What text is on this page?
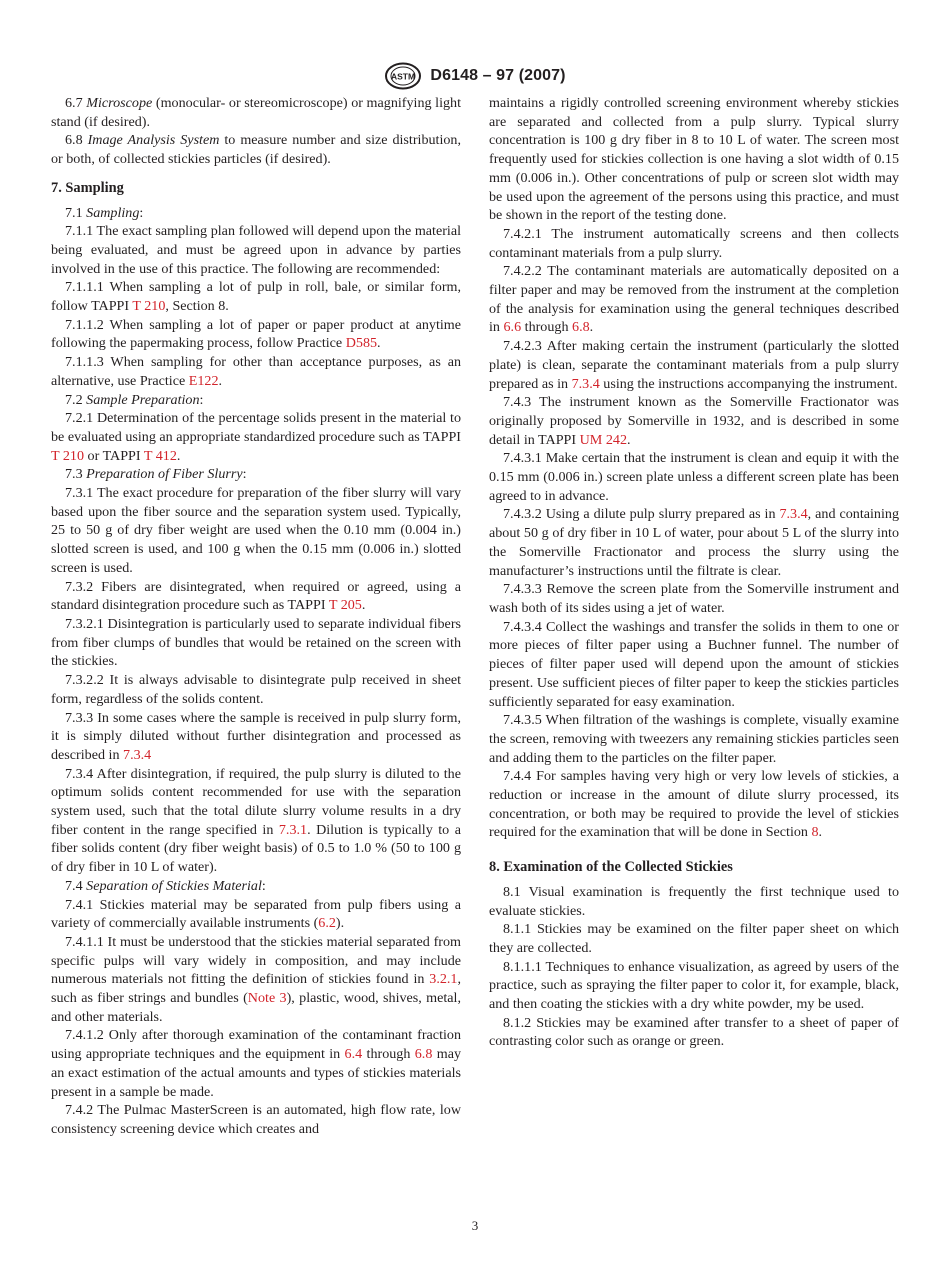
ASTM D6148 – 97 (2007)

6.7 Microscope (monocular- or stereomicroscope) or magnifying light stand (if desired).

6.8 Image Analysis System to measure number and size distribution, or both, of collected stickies particles (if desired).

7. Sampling

7.1 Sampling:

7.1.1 The exact sampling plan followed will depend upon the material being evaluated, and must be agreed upon in advance by parties involved in the use of this practice. The following are recommended:

7.1.1.1 When sampling a lot of pulp in roll, bale, or similar form, follow TAPPI T 210, Section 8.

7.1.1.2 When sampling a lot of paper or paper product at anytime following the papermaking process, follow Practice D585.

7.1.1.3 When sampling for other than acceptance purposes, as an alternative, use Practice E122.

7.2 Sample Preparation:

7.2.1 Determination of the percentage solids present in the material to be evaluated using an appropriate standardized procedure such as TAPPI T 210 or TAPPI T 412.

7.3 Preparation of Fiber Slurry:

7.3.1 The exact procedure for preparation of the fiber slurry will vary based upon the fiber source and the separation system used. Typically, 25 to 50 g of dry fiber weight are used when the 0.10 mm (0.004 in.) slotted screen is used, and 100 g when the 0.15 mm (0.006 in.) slotted screen is used.

7.3.2 Fibers are disintegrated, when required or agreed, using a standard disintegration procedure such as TAPPI T 205.

7.3.2.1 Disintegration is particularly used to separate individual fibers from fiber clumps of bundles that would be retained on the screen with the stickies.

7.3.2.2 It is always advisable to disintegrate pulp received in sheet form, regardless of the solids content.

7.3.3 In some cases where the sample is received in pulp slurry form, it is simply diluted without further disintegration and processed as described in 7.3.4

7.3.4 After disintegration, if required, the pulp slurry is diluted to the optimum solids content recommended for use with the separation system used, such that the total dilute slurry volume results in a dry fiber content in the range specified in 7.3.1. Dilution is typically to a fiber solids content (dry fiber weight basis) of 0.5 to 1.0 % (50 to 100 g of dry fiber in 10 L of water).

7.4 Separation of Stickies Material:

7.4.1 Stickies material may be separated from pulp fibers using a variety of commercially available instruments (6.2).

7.4.1.1 It must be understood that the stickies material separated from specific pulps will vary widely in composition, and may include numerous materials not fitting the definition of stickies found in 3.2.1, such as fiber strings and bundles (Note 3), plastic, wood, shives, metal, and other materials.

7.4.1.2 Only after thorough examination of the contaminant fraction using appropriate techniques and the equipment in 6.4 through 6.8 may an exact estimation of the actual amounts and types of stickies materials present in a sample be made.

7.4.2 The Pulmac MasterScreen is an automated, high flow rate, low consistency screening device which creates and

maintains a rigidly controlled screening environment whereby stickies are separated and collected from a pulp slurry. Typical slurry concentration is 100 g dry fiber in 8 to 10 L of water. The screen most frequently used for stickies collection is one having a slot width of 0.15 mm (0.006 in.). Other concentrations of pulp or screen slot width may be used upon the agreement of the persons using this practice, and must be shown in the report of the testing done.

7.4.2.1 The instrument automatically screens and then collects contaminant materials from a pulp slurry.

7.4.2.2 The contaminant materials are automatically deposited on a filter paper and may be removed from the instrument at the completion of the analysis for examination using the general techniques described in 6.6 through 6.8.

7.4.2.3 After making certain the instrument (particularly the slotted plate) is clean, separate the contaminant materials from a pulp slurry prepared as in 7.3.4 using the instructions accompanying the instrument.

7.4.3 The instrument known as the Somerville Fractionator was originally proposed by Somerville in 1932, and is described in some detail in TAPPI UM 242.

7.4.3.1 Make certain that the instrument is clean and equip it with the 0.15 mm (0.006 in.) screen plate unless a different screen plate has been agreed to in advance.

7.4.3.2 Using a dilute pulp slurry prepared as in 7.3.4, and containing about 50 g of dry fiber in 10 L of water, pour about 5 L of the slurry into the Somerville Fractionator and process the slurry using the manufacturer’s instructions until the filtrate is clear.

7.4.3.3 Remove the screen plate from the Somerville instrument and wash both of its sides using a jet of water.

7.4.3.4 Collect the washings and transfer the solids in them to one or more pieces of filter paper using a Buchner funnel. The number of pieces of filter paper used will depend upon the amount of stickies present. Use sufficient pieces of filter paper to keep the stickies particles sufficiently separated for easy examination.

7.4.3.5 When filtration of the washings is complete, visually examine the screen, removing with tweezers any remaining stickies particles seen and adding them to the particles on the filter paper.

7.4.4 For samples having very high or very low levels of stickies, a reduction or increase in the amount of dilute slurry processed, its concentration, or both may be required to provide the level of stickies required for the examination that will be done in Section 8.

8. Examination of the Collected Stickies

8.1 Visual examination is frequently the first technique used to evaluate stickies.

8.1.1 Stickies may be examined on the filter paper sheet on which they are collected.

8.1.1.1 Techniques to enhance visualization, as agreed by users of the practice, such as spraying the filter paper to color it, for example, black, and then coating the stickies with a dry white powder, my be used.

8.1.2 Stickies may be examined after transfer to a sheet of paper of contrasting color such as orange or green.

3
